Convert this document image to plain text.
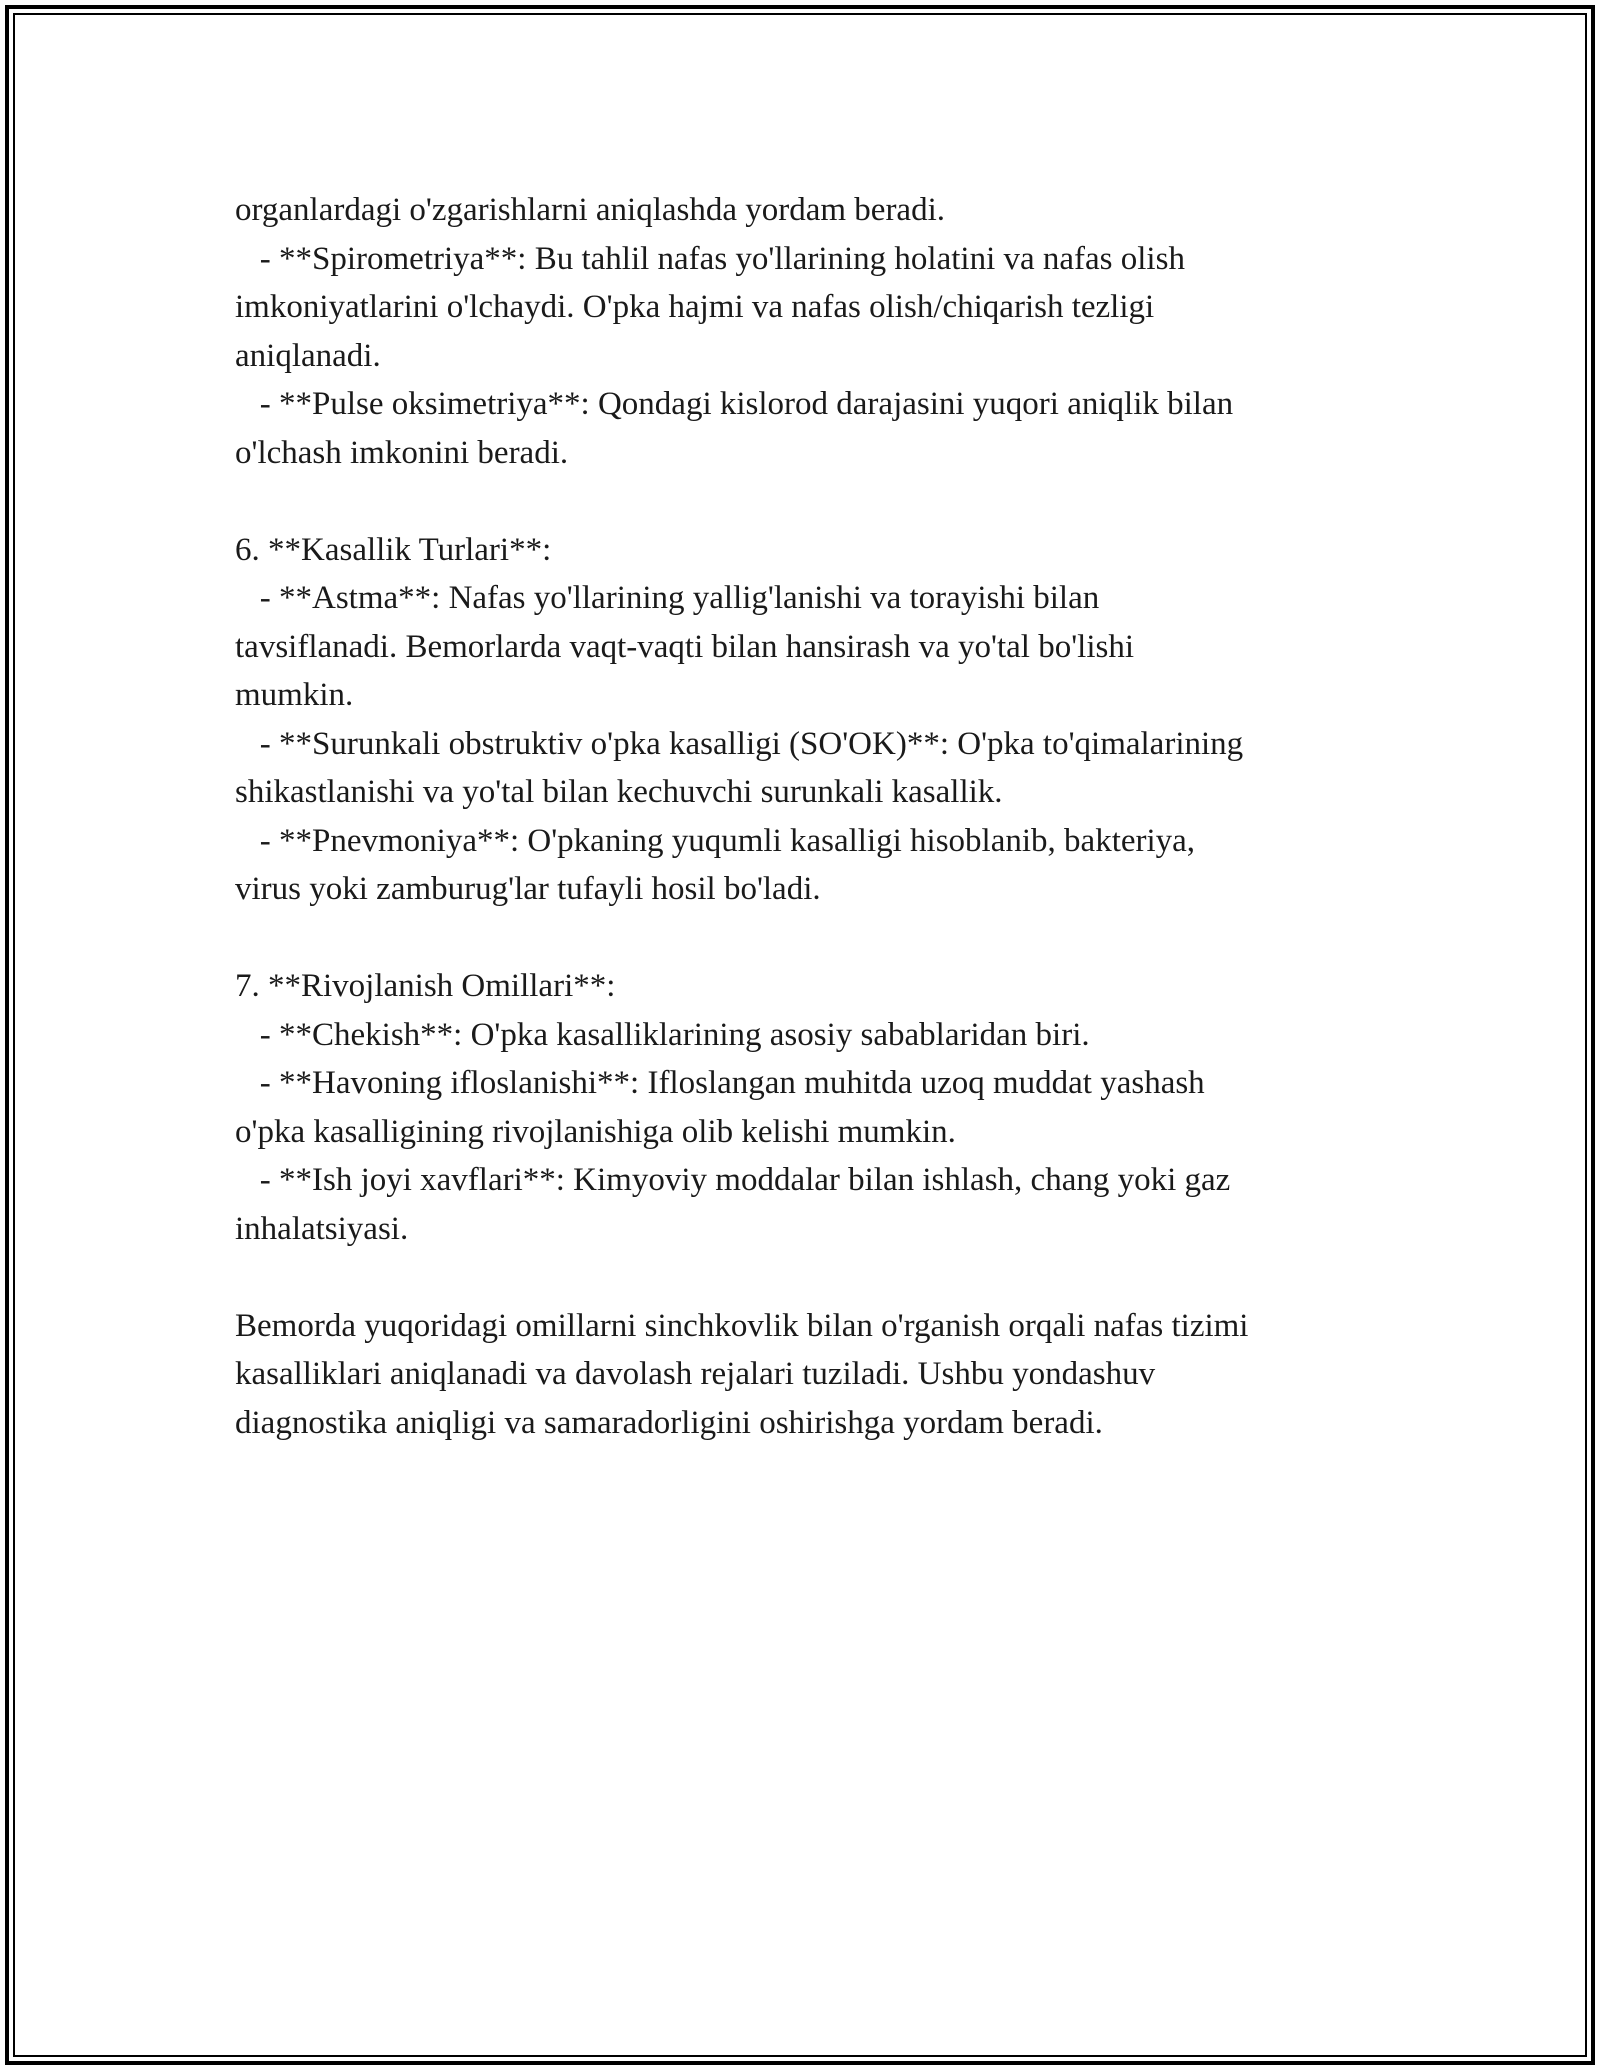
organlardagi o'zgarishlarni aniqlashda yordam beradi.
- **Spirometriya**: Bu tahlil nafas yo'llarining holatini va nafas olish
imkoniyatlarini o'lchaydi. O'pka hajmi va nafas olish/chiqarish tezligi
aniqlanadi.
- **Pulse oksimetriya**: Qondagi kislorod darajasini yuqori aniqlik bilan
o'lchash imkonini beradi.
6. **Kasallik Turlari**:
- **Astma**: Nafas yo'llarining yallig'lanishi va torayishi bilan
tavsiflanadi. Bemorlarda vaqt-vaqti bilan hansirash va yo'tal bo'lishi
mumkin.
- **Surunkali obstruktiv o'pka kasalligi (SO'OK)**: O'pka to'qimalarining
shikastlanishi va yo'tal bilan kechuvchi surunkali kasallik.
- **Pnevmoniya**: O'pkaning yuqumli kasalligi hisoblanib, bakteriya,
virus yoki zamburug'lar tufayli hosil bo'ladi.
7. **Rivojlanish Omillari**:
- **Chekish**: O'pka kasalliklarining asosiy sabablaridan biri.
- **Havoning ifloslanishi**: Ifloslangan muhitda uzoq muddat yashash
o'pka kasalligining rivojlanishiga olib kelishi mumkin.
- **Ish joyi xavflari**: Kimyoviy moddalar bilan ishlash, chang yoki gaz
inhalatsiyasi.
Bemorda yuqoridagi omillarni sinchkovlik bilan o'rganish orqali nafas tizimi
kasalliklari aniqlanadi va davolash rejalari tuziladi. Ushbu yondashuv
diagnostika aniqligi va samaradorligini oshirishga yordam beradi.
